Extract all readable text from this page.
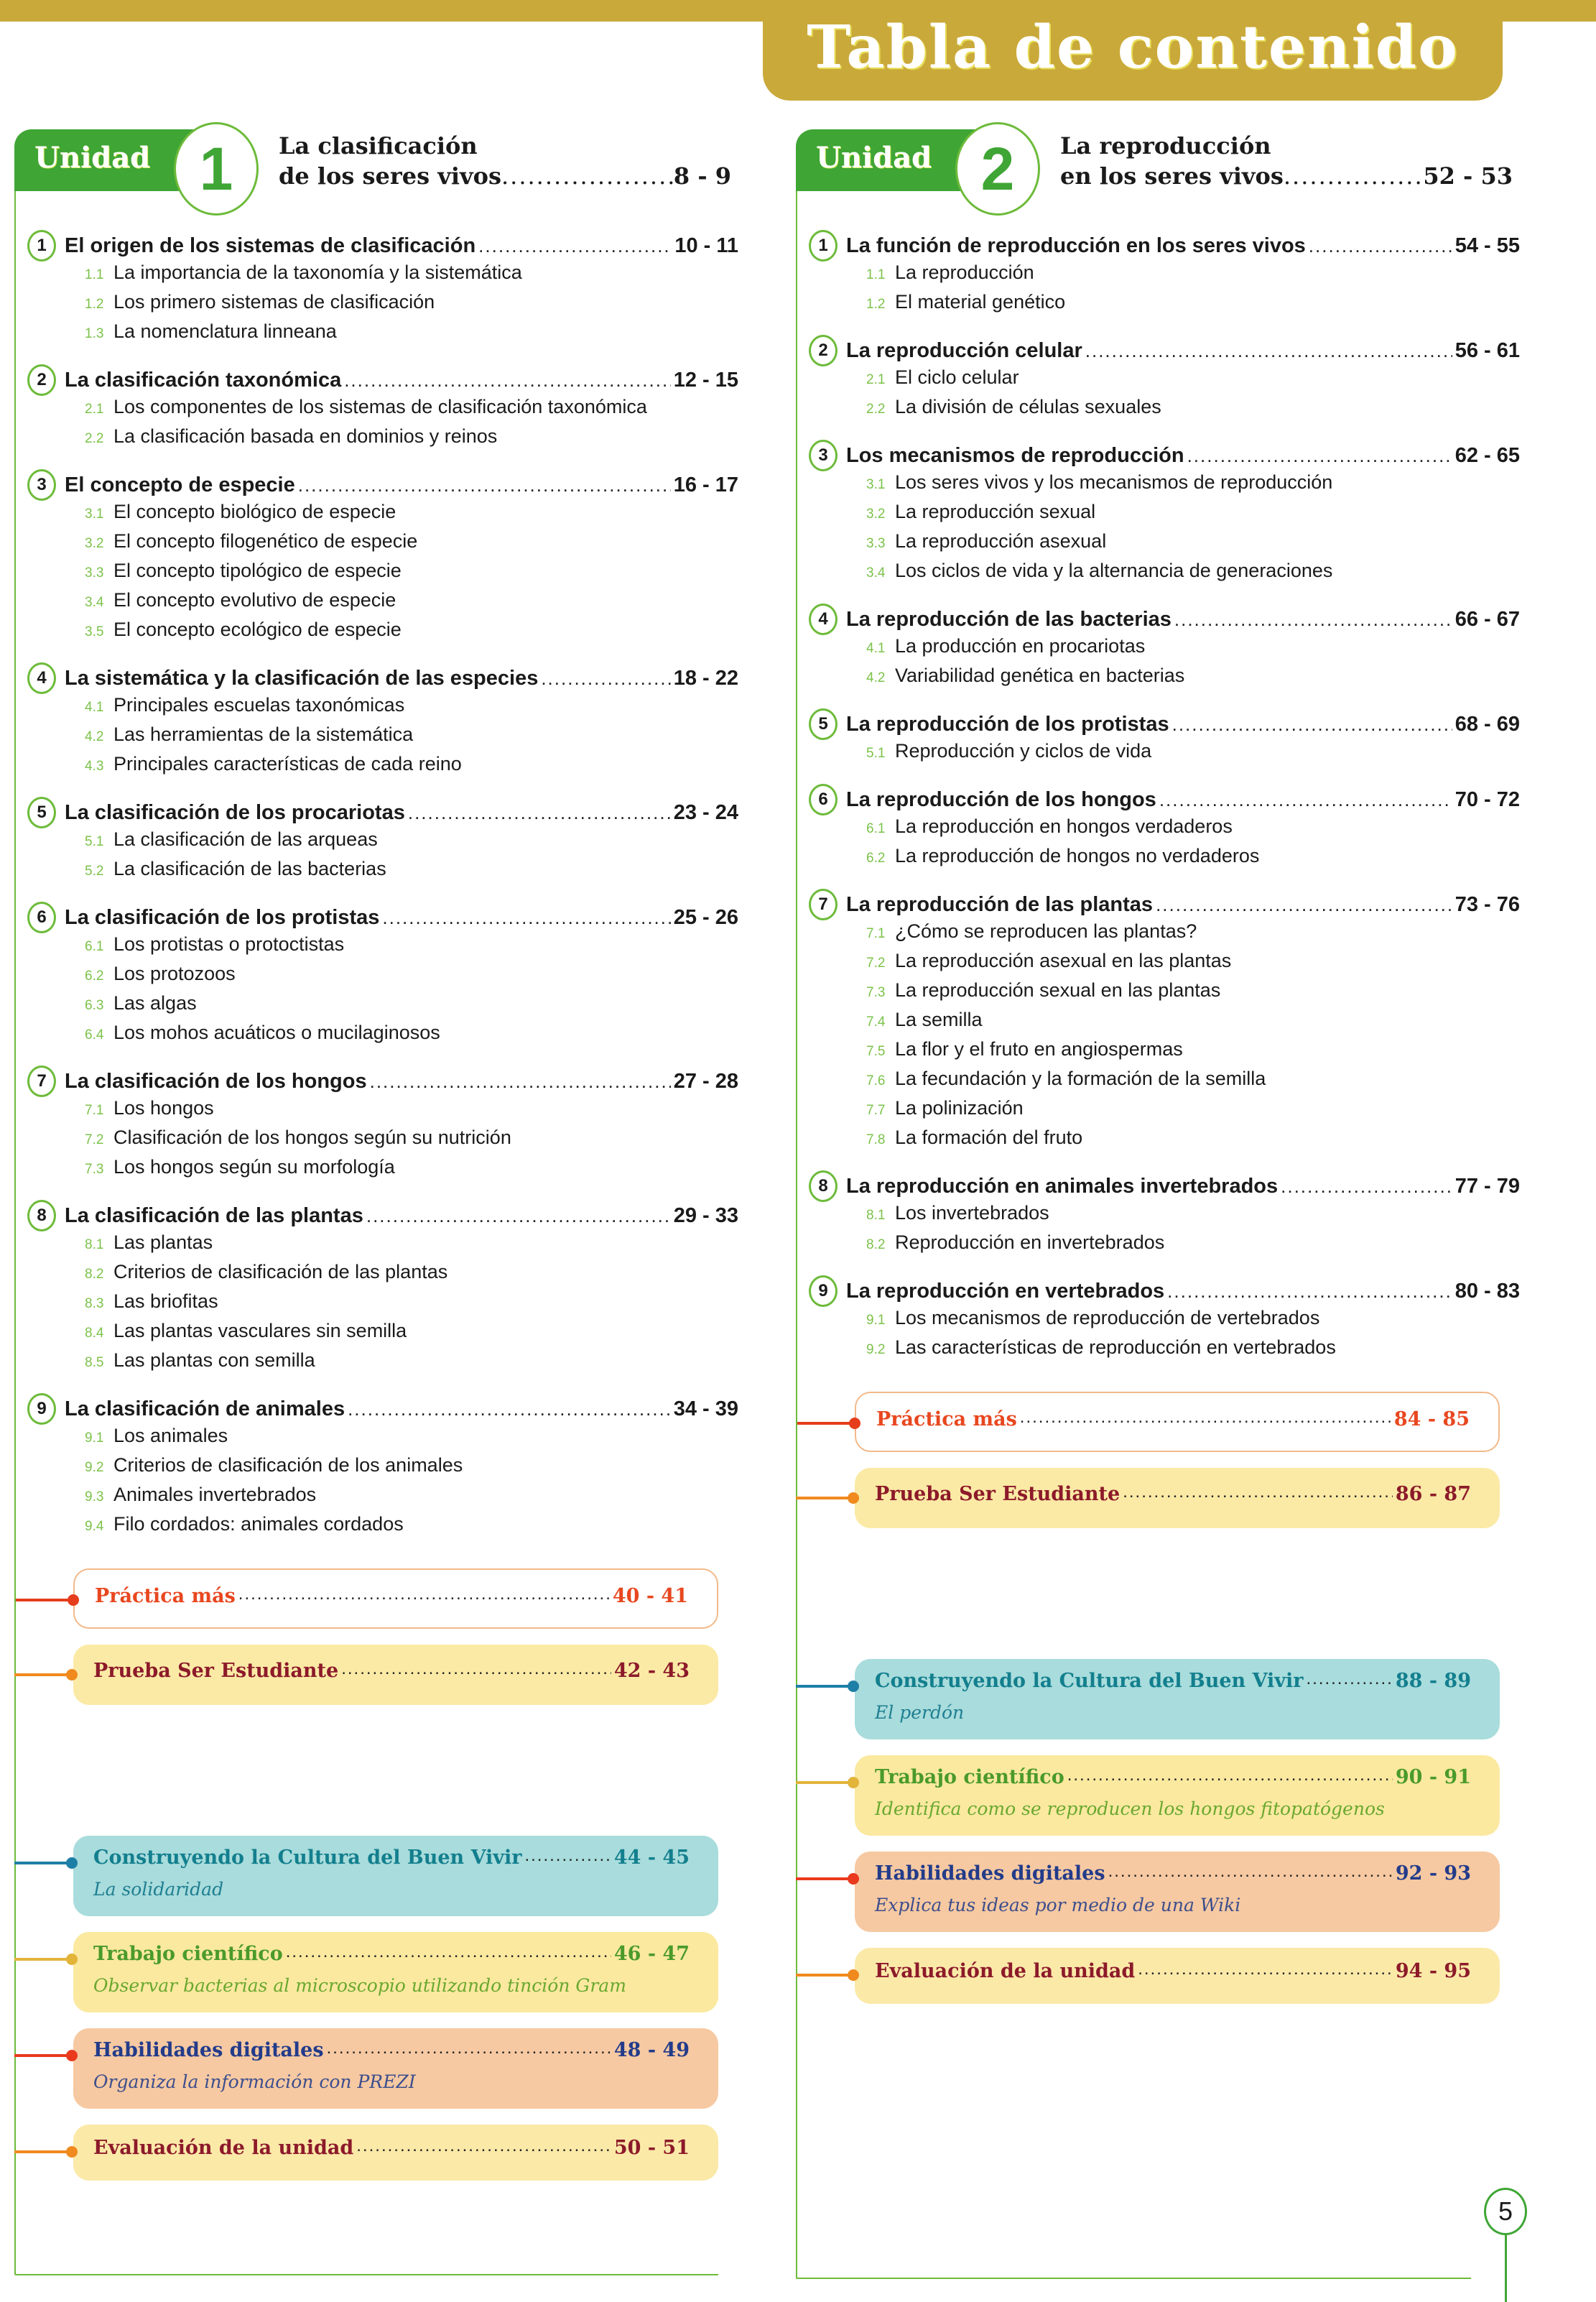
Tabla de contenido
Unidad 1 La clasificación
de los seres vivos .....	8 - 9
1 El origen de los sistemas de clasificación .....	10 - 11
1.1 La importancia de la taxonomía y la sistemática
1.2 Los primero sistemas de clasificación
1.3 La nomenclatura linneana
2 La clasificación taxonómica .....	12 - 15
2.1 Los componentes de los sistemas de clasificación taxonómica
2.2 La clasificación basada en dominios y reinos
3 El concepto de especie .....	16 - 17
3.1 El concepto biológico de especie
3.2 El concepto filogenético de especie
3.3 El concepto tipológico de especie
3.4 El concepto evolutivo de especie
3.5 El concepto ecológico de especie
4 La sistemática y la clasificación de las especies .....	18 - 22
4.1 Principales escuelas taxonómicas
4.2 Las herramientas de la sistemática
4.3 Principales características de cada reino
5 La clasificación de los procariotas .....	23 - 24
5.1 La clasificación de las arqueas
5.2 La clasificación de las bacterias
6 La clasificación de los protistas .....	25 - 26
6.1 Los protistas o protoctistas
6.2 Los protozoos
6.3 Las algas
6.4 Los mohos acuáticos o mucilaginosos
7 La clasificación de los hongos .....	27 - 28
7.1 Los hongos
7.2 Clasificación de los hongos según su nutrición
7.3 Los hongos según su morfología
8 La clasificación de las plantas .....	29 - 33
8.1 Las plantas
8.2 Criterios de clasificación de las plantas
8.3 Las briofitas
8.4 Las plantas vasculares sin semilla
8.5 Las plantas con semilla
9 La clasificación de animales .....	34 - 39
9.1 Los animales
9.2 Criterios de clasificación de los animales
9.3 Animales invertebrados
9.4 Filo cordados: animales cordados
Práctica más .....	40 - 41
Prueba Ser Estudiante .....	42 - 43
Construyendo la Cultura del Buen Vivir .....	44 - 45
La solidaridad
Trabajo científico .....	46 - 47
Observar bacterias al microscopio utilizando tinción Gram
Habilidades digitales .....	48 - 49
Organiza la información con PREZI
Evaluación de la unidad .....	50 - 51
Unidad 2 La reproducción
en los seres vivos .....	52 - 53
1 La función de reproducción en los seres vivos .....	54 - 55
1.1 La reproducción
1.2 El material genético
2 La reproducción celular .....	56 - 61
2.1 El ciclo celular
2.2 La división de células sexuales
3 Los mecanismos de reproducción .....	62 - 65
3.1 Los seres vivos y los mecanismos de reproducción
3.2 La reproducción sexual
3.3 La reproducción asexual
3.4 Los ciclos de vida y la alternancia de generaciones
4 La reproducción de las bacterias .....	66 - 67
4.1 La producción en procariotas
4.2 Variabilidad genética en bacterias
5 La reproducción de los protistas .....	68 - 69
5.1 Reproducción y ciclos de vida
6 La reproducción de los hongos .....	70 - 72
6.1 La reproducción en hongos verdaderos
6.2 La reproducción de hongos no verdaderos
7 La reproducción de las plantas .....	73 - 76
7.1 ¿Cómo se reproducen las plantas?
7.2 La reproducción asexual en las plantas
7.3 La reproducción sexual en las plantas
7.4 La semilla
7.5 La flor y el fruto en angiospermas
7.6 La fecundación y la formación de la semilla
7.7 La polinización
7.8 La formación del fruto
8 La reproducción en animales invertebrados .....	77 - 79
8.1 Los invertebrados
8.2 Reproducción en invertebrados
9 La reproducción en vertebrados .....	80 - 83
9.1 Los mecanismos de reproducción de vertebrados
9.2 Las características de reproducción en vertebrados
Práctica más .....	84 - 85
Prueba Ser Estudiante .....	86 - 87
Construyendo la Cultura del Buen Vivir .....	88 - 89
El perdón
Trabajo científico .....	90 - 91
Identifica como se reproducen los hongos fitopatógenos
Habilidades digitales .....	92 - 93
Explica tus ideas por medio de una Wiki
Evaluación de la unidad .....	94 - 95
5
